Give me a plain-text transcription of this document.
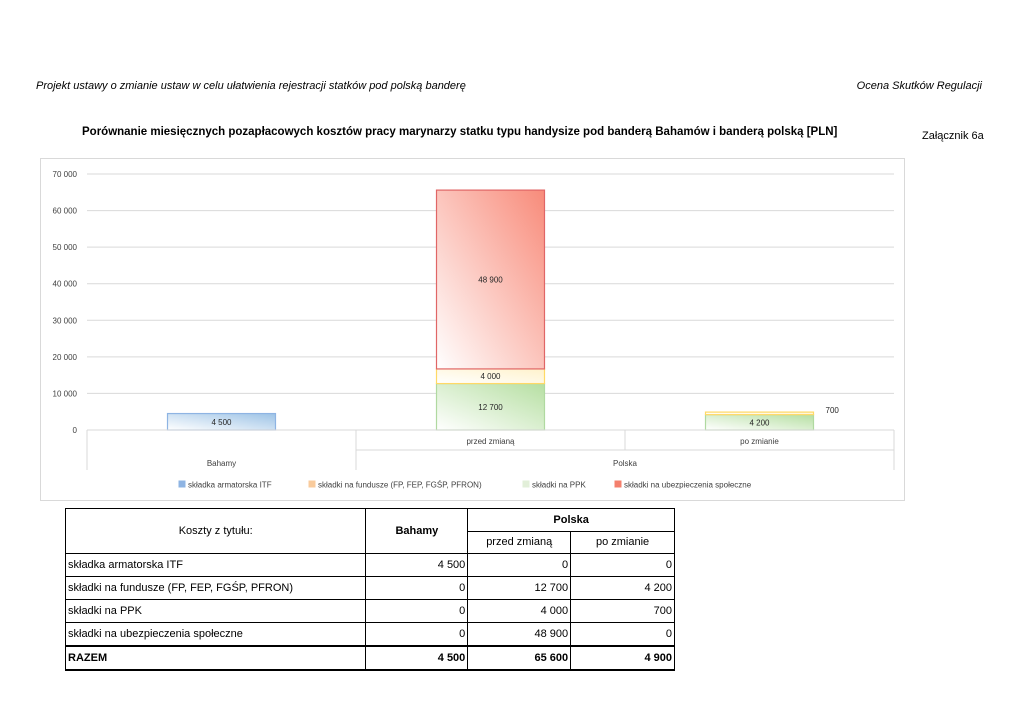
Projekt ustawy o zmianie ustaw w celu ułatwienia rejestracji statków pod polską banderę	Ocena Skutków Regulacji
Porównanie miesięcznych pozapłacowych kosztów pracy marynarzy statku typu handysize pod banderą Bahamów i banderą polską [PLN]	Załącznik 6a
0
10 000
20 000
30 000
40 000
50 000
60 000
70 000
4 500
12 700
4 000
48 900
4 200
700
przed zmianą	po zmianie
Bahamy	Polska
składka armatorska ITF	składki na fundusze (FP, FEP, FGŚP, PFRON)	składki na PPK	składki na ubezpieczenia społeczne
Koszty z tytułu:	Bahamy	Polska	
		przed zmianą	po zmianie
składka armatorska ITF	4 500	0	0
składki na fundusze (FP, FEP, FGŚP, PFRON)	0	12 700	4 200
składki na PPK	0	4 000	700
składki na ubezpieczenia społeczne	0	48 900	0
RAZEM	4 500	65 600	4 900
